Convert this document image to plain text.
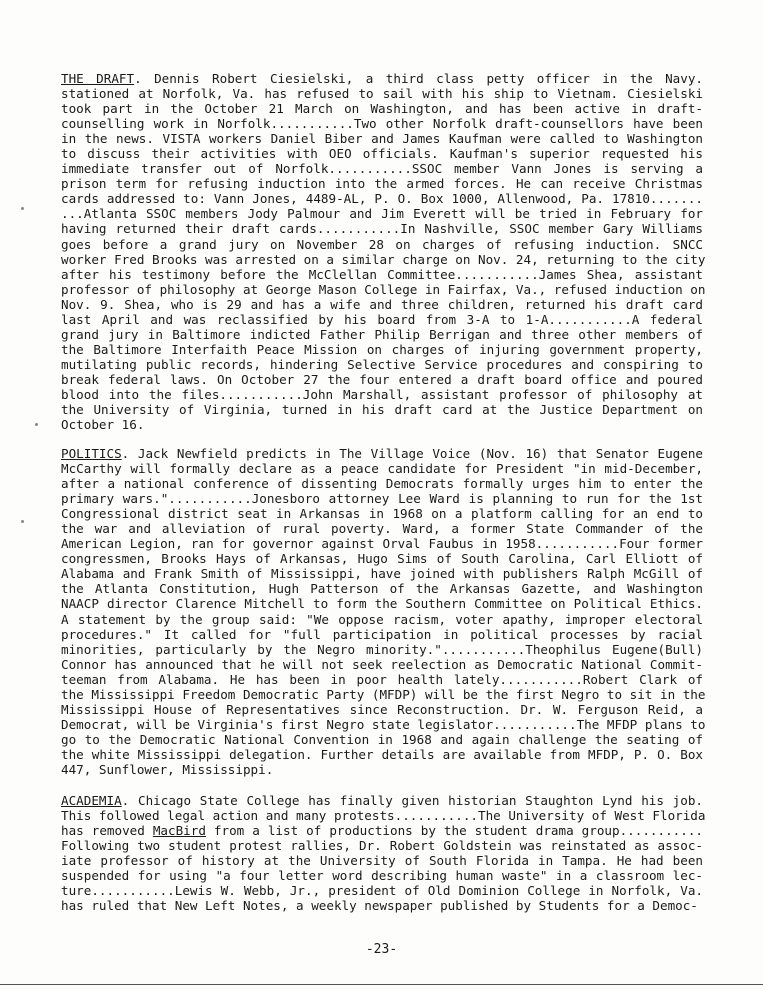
THE DRAFT. Dennis Robert Ciesielski, a third class petty officer in the Navy.
stationed at Norfolk, Va. has refused to sail with his ship to Vietnam. Ciesielski
took part in the October 21 March on Washington, and has been active in draft-
counselling work in Norfolk...........Two other Norfolk draft-counsellors have been
in the news. VISTA workers Daniel Biber and James Kaufman were called to Washington
to discuss their activities with OEO officials. Kaufman's superior requested his
immediate transfer out of Norfolk...........SSOC member Vann Jones is serving a
prison term for refusing induction into the armed forces. He can receive Christmas
cards addressed to: Vann Jones, 4489-AL, P. O. Box 1000, Allenwood, Pa. 17810.......
...Atlanta SSOC members Jody Palmour and Jim Everett will be tried in February for
having returned their draft cards...........In Nashville, SSOC member Gary Williams
goes before a grand jury on November 28 on charges of refusing induction. SNCC
worker Fred Brooks was arrested on a similar charge on Nov. 24, returning to the city
after his testimony before the McClellan Committee...........James Shea, assistant
professor of philosophy at George Mason College in Fairfax, Va., refused induction on
Nov. 9. Shea, who is 29 and has a wife and three children, returned his draft card
last April and was reclassified by his board from 3-A to 1-A...........A federal
grand jury in Baltimore indicted Father Philip Berrigan and three other members of
the Baltimore Interfaith Peace Mission on charges of injuring government property,
mutilating public records, hindering Selective Service procedures and conspiring to
break federal laws. On October 27 the four entered a draft board office and poured
blood into the files...........John Marshall, assistant professor of philosophy at
the University of Virginia, turned in his draft card at the Justice Department on
October 16.
POLITICS. Jack Newfield predicts in The Village Voice (Nov. 16) that Senator Eugene
McCarthy will formally declare as a peace candidate for President "in mid-December,
after a national conference of dissenting Democrats formally urges him to enter the
primary wars."...........Jonesboro attorney Lee Ward is planning to run for the 1st
Congressional district seat in Arkansas in 1968 on a platform calling for an end to
the war and alleviation of rural poverty. Ward, a former State Commander of the
American Legion, ran for governor against Orval Faubus in 1958...........Four former
congressmen, Brooks Hays of Arkansas, Hugo Sims of South Carolina, Carl Elliott of
Alabama and Frank Smith of Mississippi, have joined with publishers Ralph McGill of
the Atlanta Constitution, Hugh Patterson of the Arkansas Gazette, and Washington
NAACP director Clarence Mitchell to form the Southern Committee on Political Ethics.
A statement by the group said: "We oppose racism, voter apathy, improper electoral
procedures." It called for "full participation in political processes by racial
minorities, particularly by the Negro minority."...........Theophilus Eugene(Bull)
Connor has announced that he will not seek reelection as Democratic National Commit-
teeman from Alabama. He has been in poor health lately...........Robert Clark of
the Mississippi Freedom Democratic Party (MFDP) will be the first Negro to sit in the
Mississippi House of Representatives since Reconstruction. Dr. W. Ferguson Reid, a
Democrat, will be Virginia's first Negro state legislator...........The MFDP plans to
go to the Democratic National Convention in 1968 and again challenge the seating of
the white Mississippi delegation. Further details are available from MFDP, P. O. Box
447, Sunflower, Mississippi.
ACADEMIA. Chicago State College has finally given historian Staughton Lynd his job.
This followed legal action and many protests...........The University of West Florida
has removed MacBird from a list of productions by the student drama group...........
Following two student protest rallies, Dr. Robert Goldstein was reinstated as assoc-
iate professor of history at the University of South Florida in Tampa. He had been
suspended for using "a four letter word describing human waste" in a classroom lec-
ture...........Lewis W. Webb, Jr., president of Old Dominion College in Norfolk, Va.
has ruled that New Left Notes, a weekly newspaper published by Students for a Democ-
-23-
